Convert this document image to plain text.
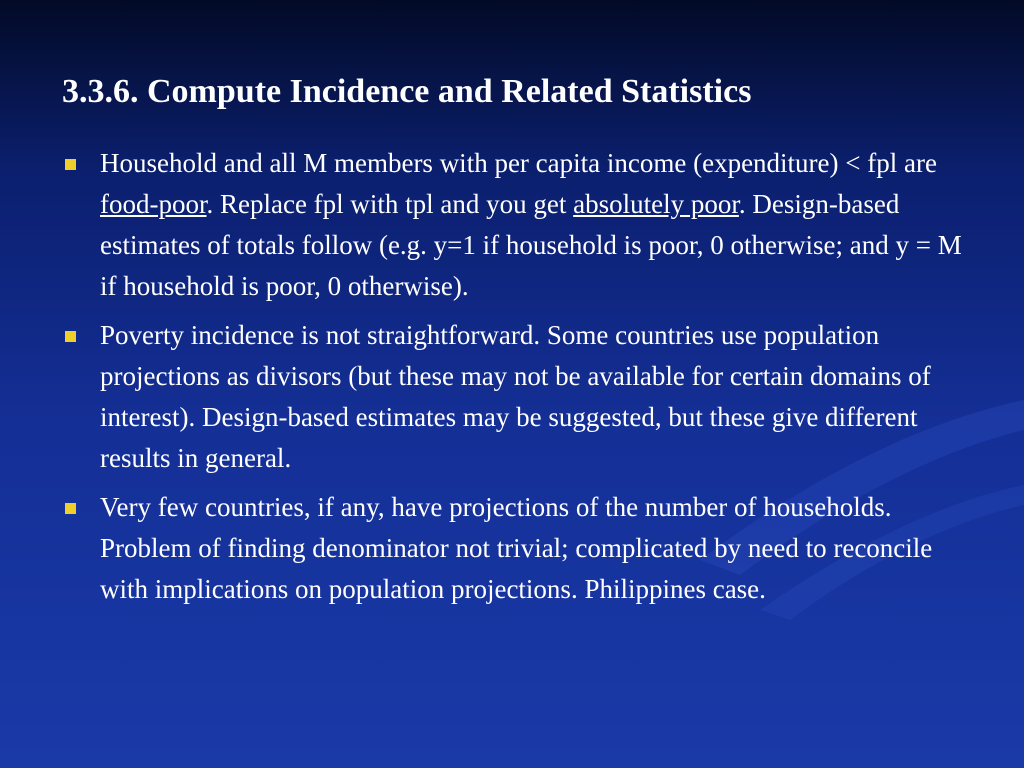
3.3.6. Compute Incidence and Related Statistics
Household and all M members with per capita income (expenditure) < fpl are food-poor. Replace fpl with tpl and you get absolutely poor. Design-based estimates of totals follow (e.g. y=1 if household is poor, 0 otherwise; and y = M if household is poor, 0 otherwise).
Poverty incidence is not straightforward. Some countries use population projections as divisors (but these may not be available for certain domains of interest). Design-based estimates may be suggested, but these give different results in general.
Very few countries, if any, have projections of the number of households. Problem of finding denominator not trivial; complicated by need to reconcile with implications on population projections. Philippines case.
